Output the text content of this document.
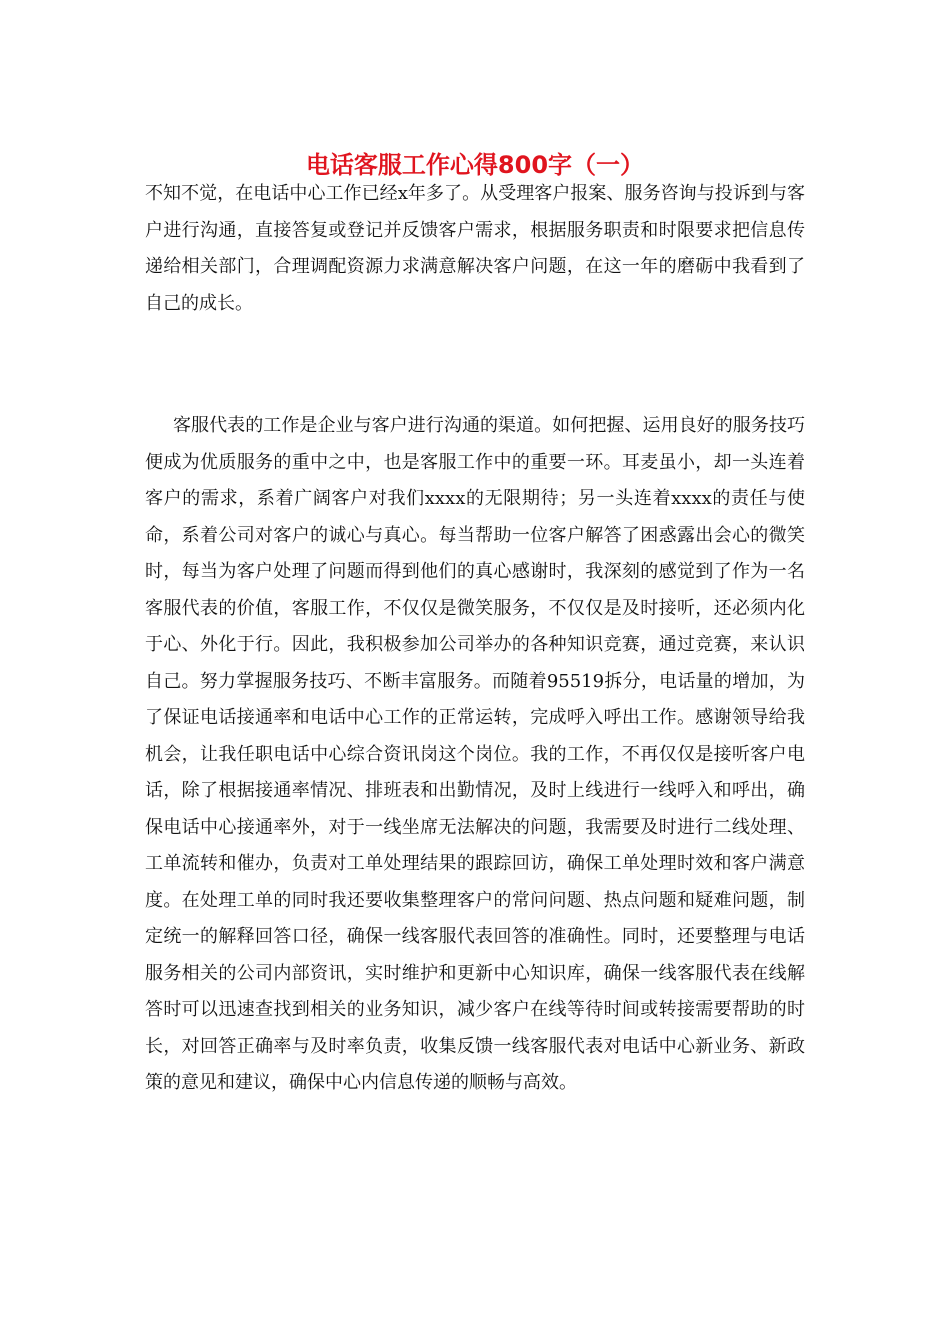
电话客服工作心得800字（一）

不知不觉，在电话中心工作已经x年多了。从受理客户报案、服务咨询与投诉到与客户进行沟通，直接答复或登记并反馈客户需求，根据服务职责和时限要求把信息传递给相关部门，合理调配资源力求满意解决客户问题，在这一年的磨砺中我看到了自己的成长。

客服代表的工作是企业与客户进行沟通的渠道。如何把握、运用良好的服务技巧便成为优质服务的重中之中，也是客服工作中的重要一环。耳麦虽小，却一头连着客户的需求，系着广阔客户对我们xxxx的无限期待；另一头连着xxxx的责任与使命，系着公司对客户的诚心与真心。每当帮助一位客户解答了困惑露出会心的微笑时，每当为客户处理了问题而得到他们的真心感谢时，我深刻的感觉到了作为一名客服代表的价值，客服工作，不仅仅是微笑服务，不仅仅是及时接听，还必须内化于心、外化于行。因此，我积极参加公司举办的各种知识竞赛，通过竞赛，来认识自己。努力掌握服务技巧、不断丰富服务。而随着95519拆分，电话量的增加，为了保证电话接通率和电话中心工作的正常运转，完成呼入呼出工作。感谢领导给我机会，让我任职电话中心综合资讯岗这个岗位。我的工作，不再仅仅是接听客户电话，除了根据接通率情况、排班表和出勤情况，及时上线进行一线呼入和呼出，确保电话中心接通率外，对于一线坐席无法解决的问题，我需要及时进行二线处理、工单流转和催办，负责对工单处理结果的跟踪回访，确保工单处理时效和客户满意度。在处理工单的同时我还要收集整理客户的常问问题、热点问题和疑难问题，制定统一的解释回答口径，确保一线客服代表回答的准确性。同时，还要整理与电话服务相关的公司内部资讯，实时维护和更新中心知识库，确保一线客服代表在线解答时可以迅速查找到相关的业务知识，减少客户在线等待时间或转接需要帮助的时长，对回答正确率与及时率负责，收集反馈一线客服代表对电话中心新业务、新政策的意见和建议，确保中心内信息传递的顺畅与高效。
